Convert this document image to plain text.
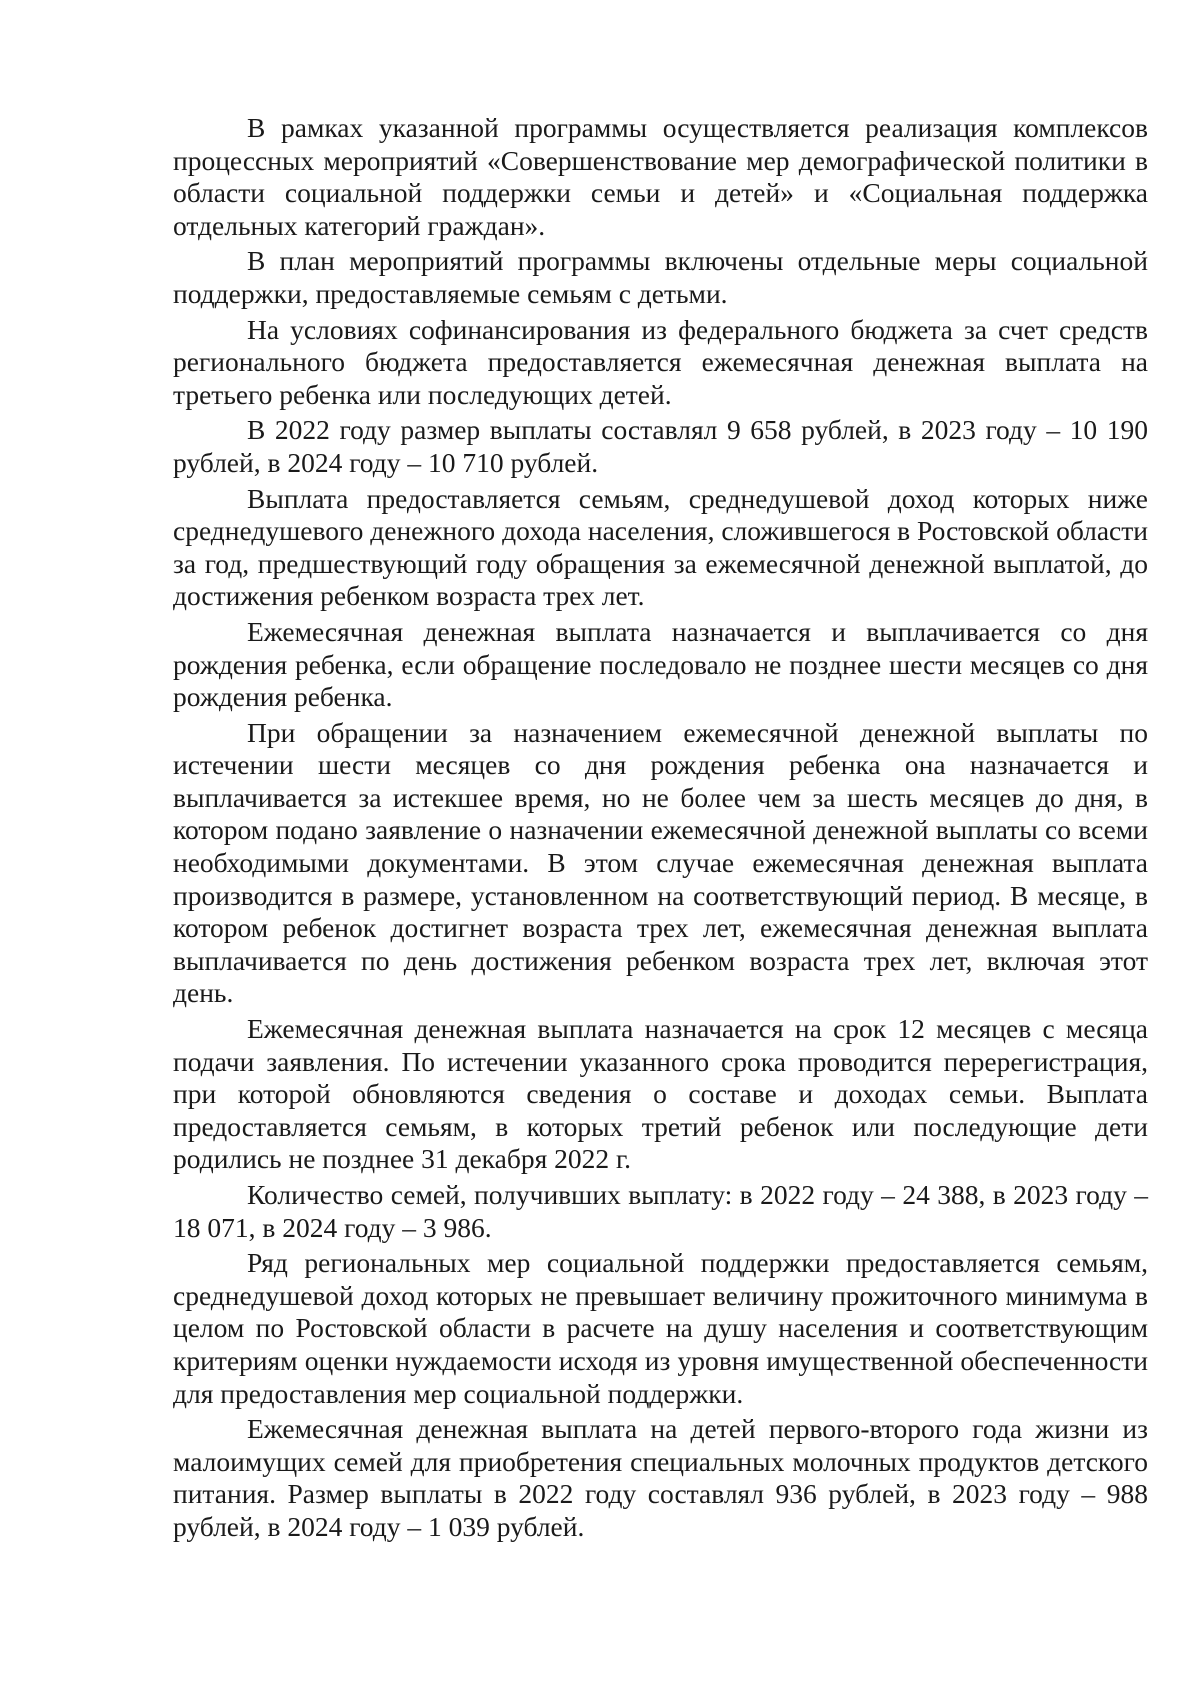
В рамках указанной программы осуществляется реализация комплексов процессных мероприятий «Совершенствование мер демографической политики в области социальной поддержки семьи и детей» и «Социальная поддержка отдельных категорий граждан».

В план мероприятий программы включены отдельные меры социальной поддержки, предоставляемые семьям с детьми.

На условиях софинансирования из федерального бюджета за счет средств регионального бюджета предоставляется ежемесячная денежная выплата на третьего ребенка или последующих детей.

В 2022 году размер выплаты составлял 9 658 рублей, в 2023 году – 10 190 рублей, в 2024 году – 10 710 рублей.

Выплата предоставляется семьям, среднедушевой доход которых ниже среднедушевого денежного дохода населения, сложившегося в Ростовской области за год, предшествующий году обращения за ежемесячной денежной выплатой, до достижения ребенком возраста трех лет.

Ежемесячная денежная выплата назначается и выплачивается со дня рождения ребенка, если обращение последовало не позднее шести месяцев со дня рождения ребенка.

При обращении за назначением ежемесячной денежной выплаты по истечении шести месяцев со дня рождения ребенка она назначается и выплачивается за истекшее время, но не более чем за шесть месяцев до дня, в котором подано заявление о назначении ежемесячной денежной выплаты со всеми необходимыми документами. В этом случае ежемесячная денежная выплата производится в размере, установленном на соответствующий период. В месяце, в котором ребенок достигнет возраста трех лет, ежемесячная денежная выплата выплачивается по день достижения ребенком возраста трех лет, включая этот день.

Ежемесячная денежная выплата назначается на срок 12 месяцев с месяца подачи заявления. По истечении указанного срока проводится перерегистрация, при которой обновляются сведения о составе и доходах семьи. Выплата предоставляется семьям, в которых третий ребенок или последующие дети родились не позднее 31 декабря 2022 г.

Количество семей, получивших выплату: в 2022 году – 24 388, в 2023 году – 18 071, в 2024 году – 3 986.

Ряд региональных мер социальной поддержки предоставляется семьям, среднедушевой доход которых не превышает величину прожиточного минимума в целом по Ростовской области в расчете на душу населения и соответствующим критериям оценки нуждаемости исходя из уровня имущественной обеспеченности для предоставления мер социальной поддержки.

Ежемесячная денежная выплата на детей первого-второго года жизни из малоимущих семей для приобретения специальных молочных продуктов детского питания. Размер выплаты в 2022 году составлял 936 рублей, в 2023 году – 988 рублей, в 2024 году – 1 039 рублей.
